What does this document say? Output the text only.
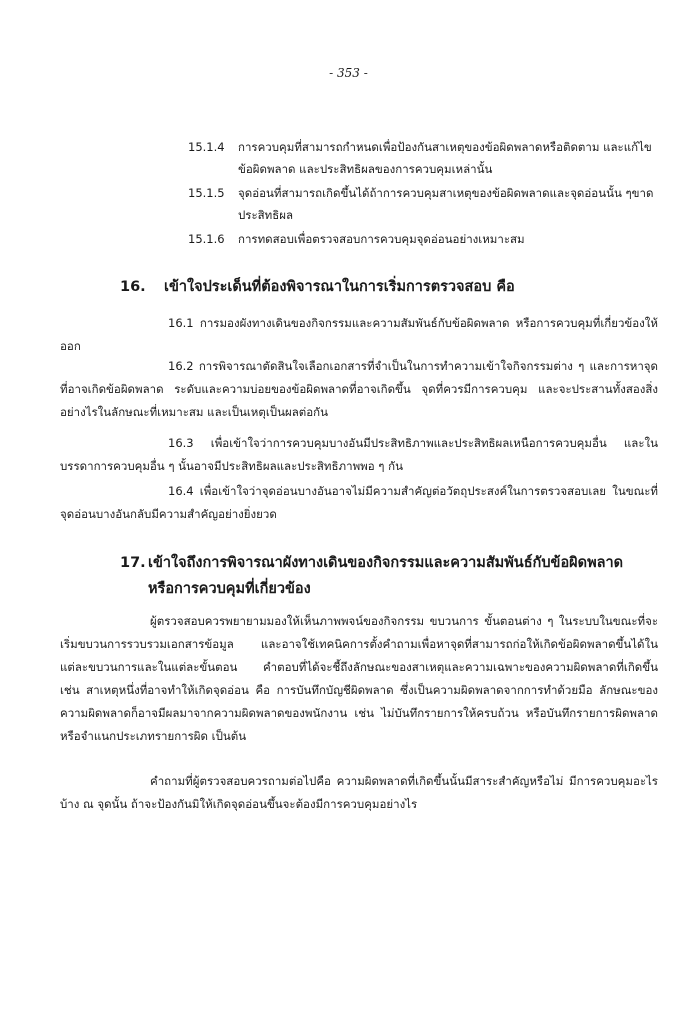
- 353 -
15.1.4	การควบคุมที่สามารถกำหนดเพื่อป้องกันสาเหตุของข้อผิดพลาดหรือติดตาม และแก้ไขข้อผิดพลาด และประสิทธิผลของการควบคุมเหล่านั้น
15.1.5	จุดอ่อนที่สามารถเกิดขึ้นได้ถ้าการควบคุมสาเหตุของข้อผิดพลาดและจุดอ่อนนั้น ๆขาดประสิทธิผล
15.1.6	การทดสอบเพื่อตรวจสอบการควบคุมจุดอ่อนอย่างเหมาะสม
16. เข้าใจประเด็นที่ต้องพิจารณาในการเริ่มการตรวจสอบ คือ
16.1 การมองผังทางเดินของกิจกรรมและความสัมพันธ์กับข้อผิดพลาด หรือการควบคุมที่เกี่ยวข้องให้ออก
16.2 การพิจารณาตัดสินใจเลือกเอกสารที่จำเป็นในการทำความเข้าใจกิจกรรมต่าง ๆ และการหาจุดที่อาจเกิดข้อผิดพลาด ระดับและความบ่อยของข้อผิดพลาดที่อาจเกิดขึ้น จุดที่ควรมีการควบคุม และจะประสานทั้งสองสิ่งอย่างไรในลักษณะที่เหมาะสม และเป็นเหตุเป็นผลต่อกัน
16.3 เพื่อเข้าใจว่าการควบคุมบางอันมีประสิทธิภาพและประสิทธิผลเหนือการควบคุมอื่น และในบรรดาการควบคุมอื่น ๆ นั้นอาจมีประสิทธิผลและประสิทธิภาพพอ ๆ กัน
16.4 เพื่อเข้าใจว่าจุดอ่อนบางอันอาจไม่มีความสำคัญต่อวัตถุประสงค์ในการตรวจสอบเลย ในขณะที่จุดอ่อนบางอันกลับมีความสำคัญอย่างยิ่งยวด
17. เข้าใจถึงการพิจารณาผังทางเดินของกิจกรรมและความสัมพันธ์กับข้อผิดพลาด
หรือการควบคุมที่เกี่ยวข้อง
ผู้ตรวจสอบควรพยายามมองให้เห็นภาพพจน์ของกิจกรรม ขบวนการ ขั้นตอนต่าง ๆ ในระบบในขณะที่จะเริ่มขบวนการรวบรวมเอกสารข้อมูล และอาจใช้เทคนิคการตั้งคำถามเพื่อหาจุดที่สามารถก่อให้เกิดข้อผิดพลาดขึ้นได้ในแต่ละขบวนการและในแต่ละขั้นตอน คำตอบที่ได้จะชี้ถึงลักษณะของสาเหตุและความเฉพาะของความผิดพลาดที่เกิดขึ้น เช่น สาเหตุหนึ่งที่อาจทำให้เกิดจุดอ่อน คือ การบันทึกบัญชีผิดพลาด ซึ่งเป็นความผิดพลาดจากการทำด้วยมือ ลักษณะของความผิดพลาดก็อาจมีผลมาจากความผิดพลาดของพนักงาน เช่น ไม่บันทึกรายการให้ครบถ้วน หรือบันทึกรายการผิดพลาด หรือจำแนกประเภทรายการผิด เป็นต้น
คำถามที่ผู้ตรวจสอบควรถามต่อไปคือ ความผิดพลาดที่เกิดขึ้นนั้นมีสาระสำคัญหรือไม่ มีการควบคุมอะไรบ้าง ณ จุดนั้น ถ้าจะป้องกันมิให้เกิดจุดอ่อนขึ้นจะต้องมีการควบคุมอย่างไร
